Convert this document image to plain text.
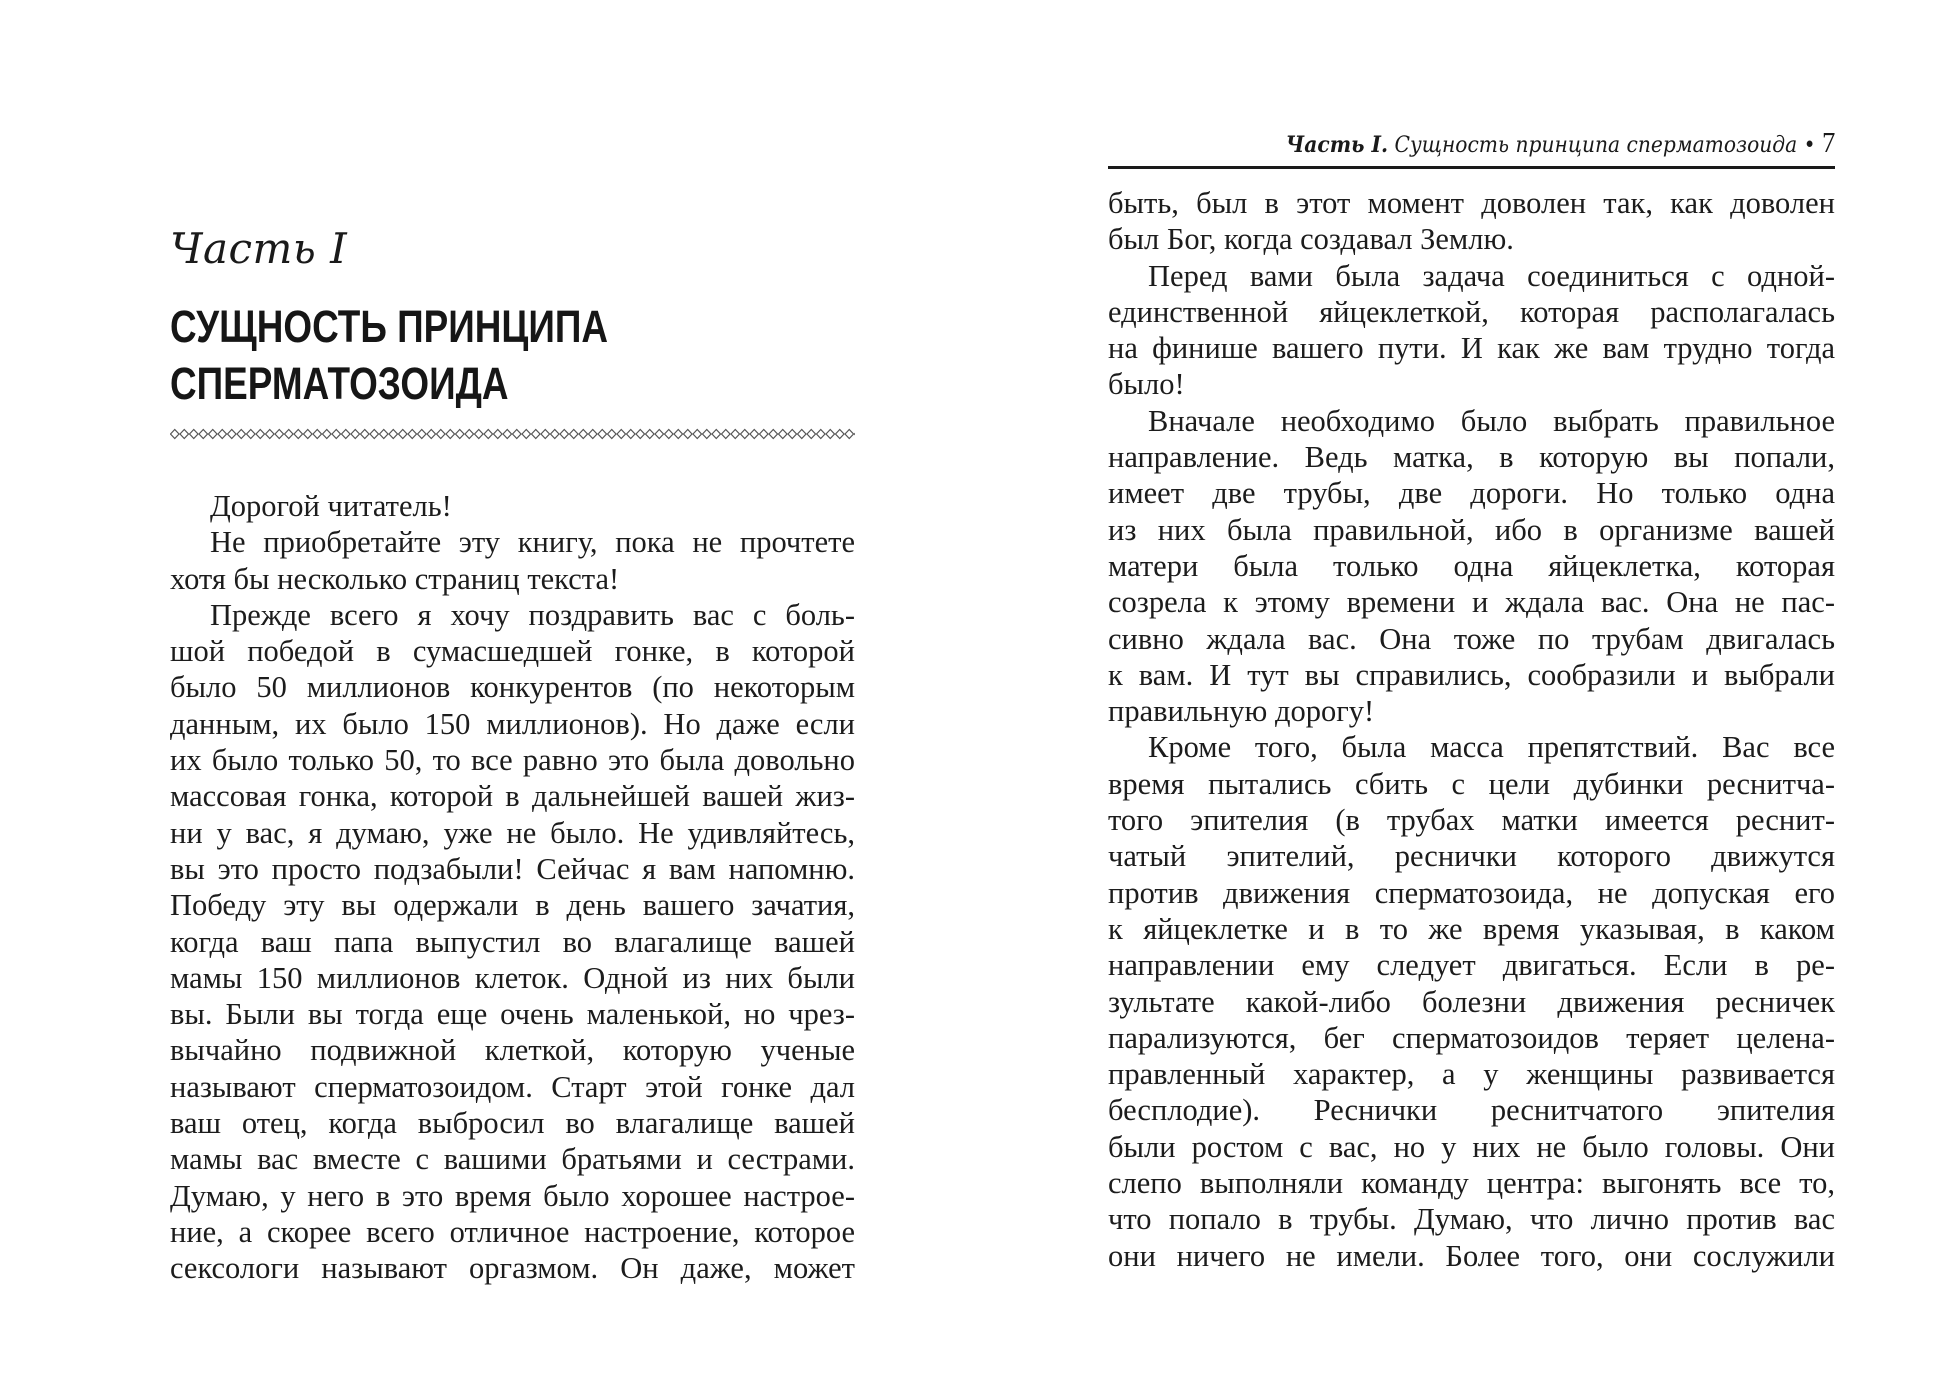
Часть I
СУЩНОСТЬ ПРИНЦИПА
СПЕРМАТОЗОИДА
Дорогой читатель!
Не приобретайте эту книгу, пока не прочтете
хотя бы несколько страниц текста!
Прежде всего я хочу поздравить вас с боль-
шой победой в сумасшедшей гонке, в которой
было 50 миллионов конкурентов (по некоторым
данным, их было 150 миллионов). Но даже если
их было только 50, то все равно это была довольно
массовая гонка, которой в дальнейшей вашей жиз-
ни у вас, я думаю, уже не было. Не удивляйтесь,
вы это просто подзабыли! Сейчас я вам напомню.
Победу эту вы одержали в день вашего зачатия,
когда ваш папа выпустил во влагалище вашей
мамы 150 миллионов клеток. Одной из них были
вы. Были вы тогда еще очень маленькой, но чрез-
вычайно подвижной клеткой, которую ученые
называют сперматозоидом. Старт этой гонке дал
ваш отец, когда выбросил во влагалище вашей
мамы вас вместе с вашими братьями и сестрами.
Думаю, у него в это время было хорошее настрое-
ние, а скорее всего отличное настроение, которое
сексологи называют оргазмом. Он даже, может
Часть I. Сущность принципа сперматозоида • 7
быть, был в этот момент доволен так, как доволен
был Бог, когда создавал Землю.
Перед вами была задача соединиться с одной-
единственной яйцеклеткой, которая располагалась
на финише вашего пути. И как же вам трудно тогда
было!
Вначале необходимо было выбрать правильное
направление. Ведь матка, в которую вы попали,
имеет две трубы, две дороги. Но только одна
из них была правильной, ибо в организме вашей
матери была только одна яйцеклетка, которая
созрела к этому времени и ждала вас. Она не пас-
сивно ждала вас. Она тоже по трубам двигалась
к вам. И тут вы справились, сообразили и выбрали
правильную дорогу!
Кроме того, была масса препятствий. Вас все
время пытались сбить с цели дубинки реснитча-
того эпителия (в трубах матки имеется реснит-
чатый эпителий, реснички которого движутся
против движения сперматозоида, не допуская его
к яйцеклетке и в то же время указывая, в каком
направлении ему следует двигаться. Если в ре-
зультате какой-либо болезни движения ресничек
парализуются, бег сперматозоидов теряет целена-
правленный характер, а у женщины развивается
бесплодие). Реснички реснитчатого эпителия
были ростом с вас, но у них не было головы. Они
слепо выполняли команду центра: выгонять все то,
что попало в трубы. Думаю, что лично против вас
они ничего не имели. Более того, они сослужили
